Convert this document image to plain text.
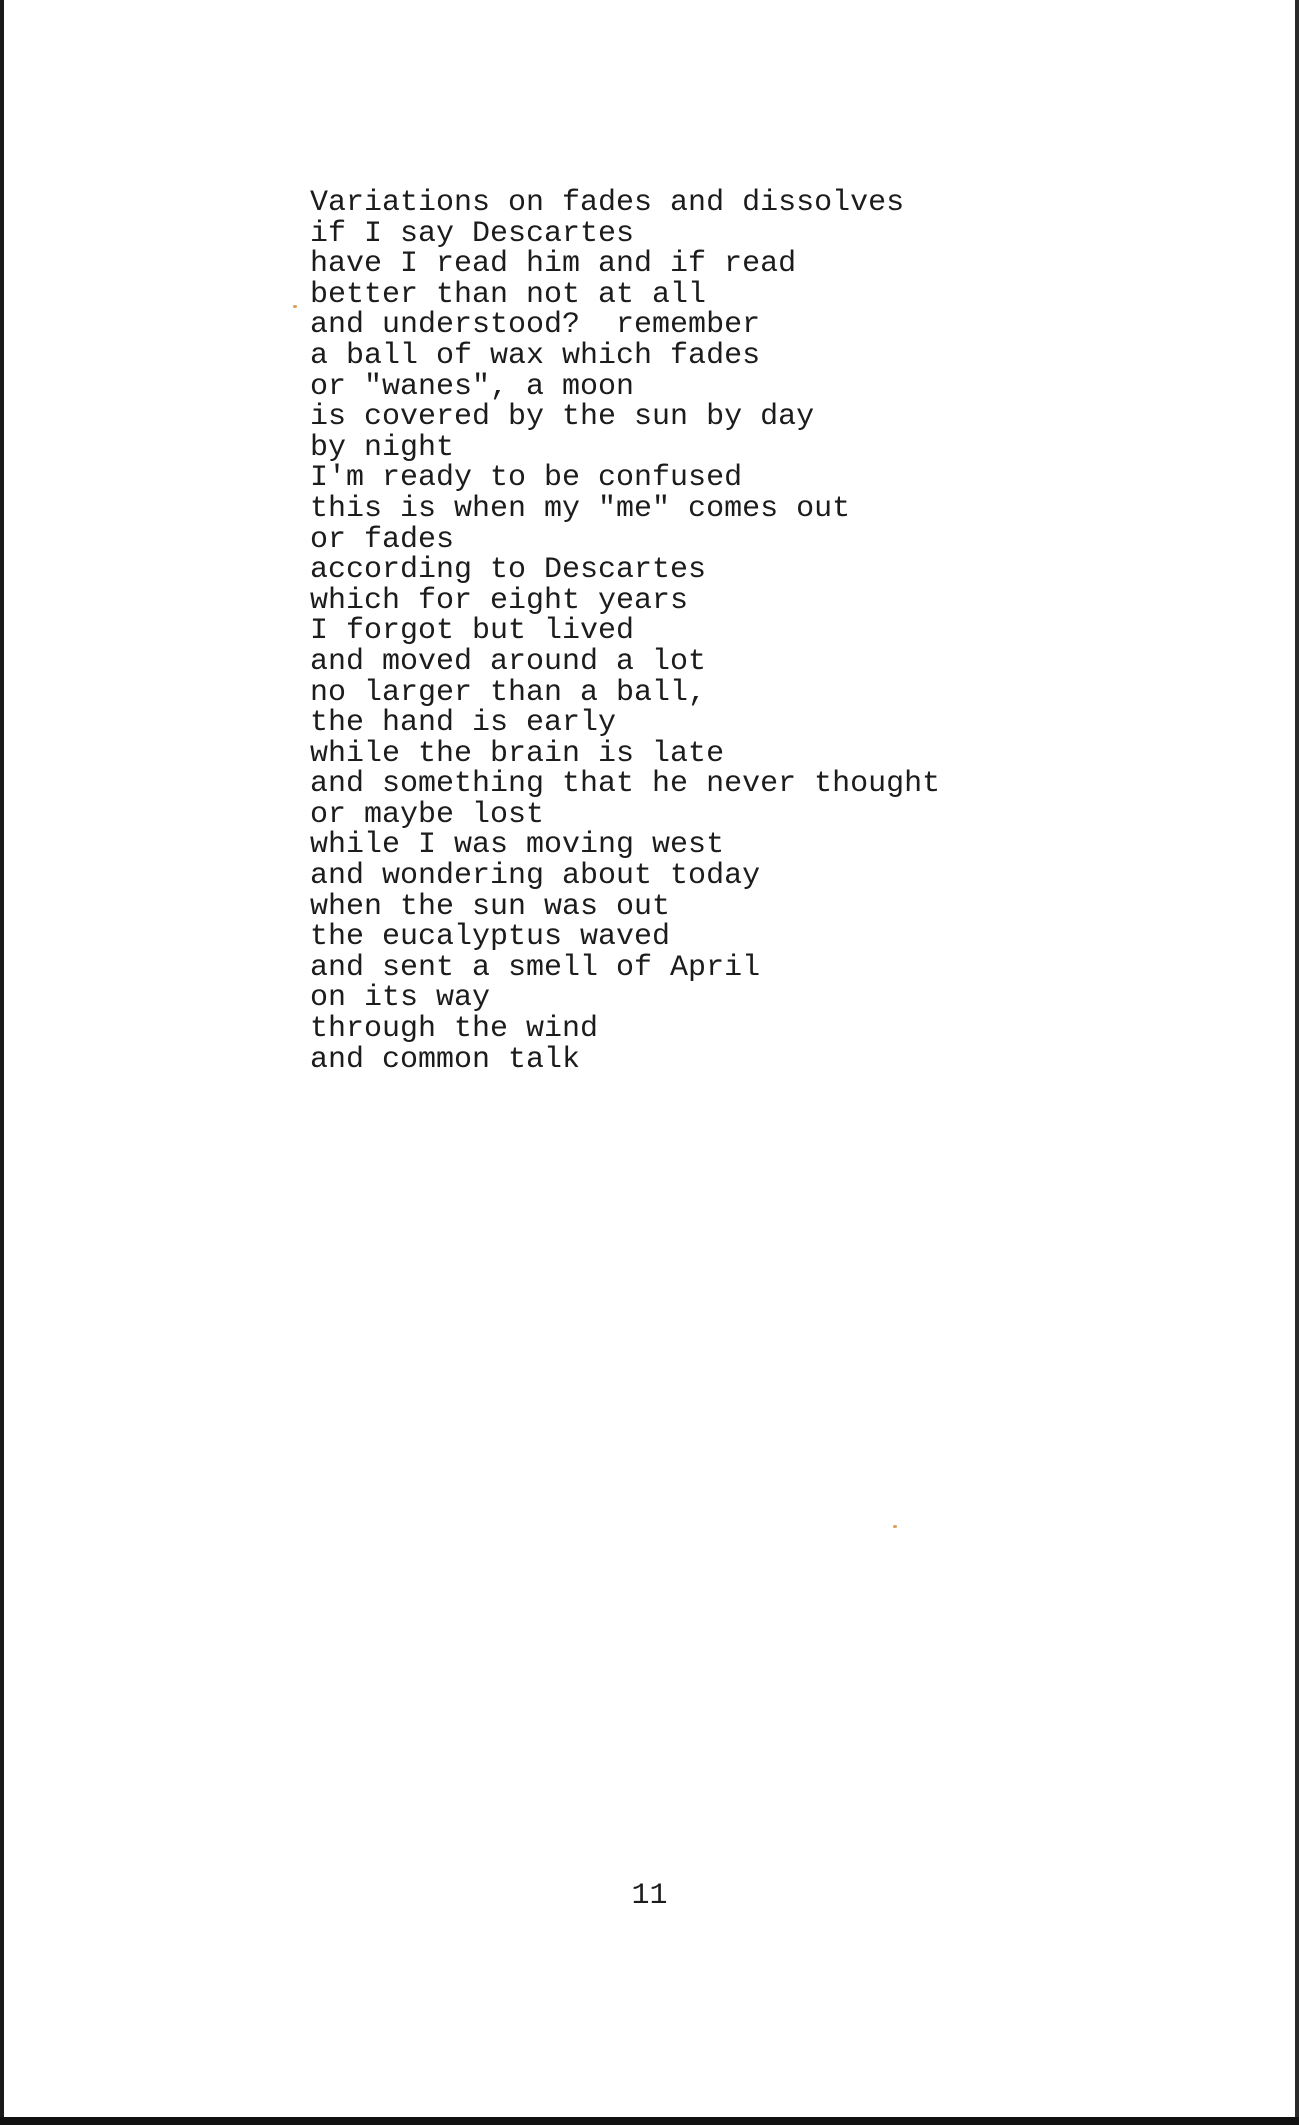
Variations on fades and dissolves
if I say Descartes
have I read him and if read
better than not at all
and understood?  remember
a ball of wax which fades
or "wanes", a moon
is covered by the sun by day
by night
I'm ready to be confused
this is when my "me" comes out
or fades
according to Descartes
which for eight years
I forgot but lived
and moved around a lot
no larger than a ball,
the hand is early
while the brain is late
and something that he never thought
or maybe lost
while I was moving west
and wondering about today
when the sun was out
the eucalyptus waved
and sent a smell of April
on its way
through the wind
and common talk
11
